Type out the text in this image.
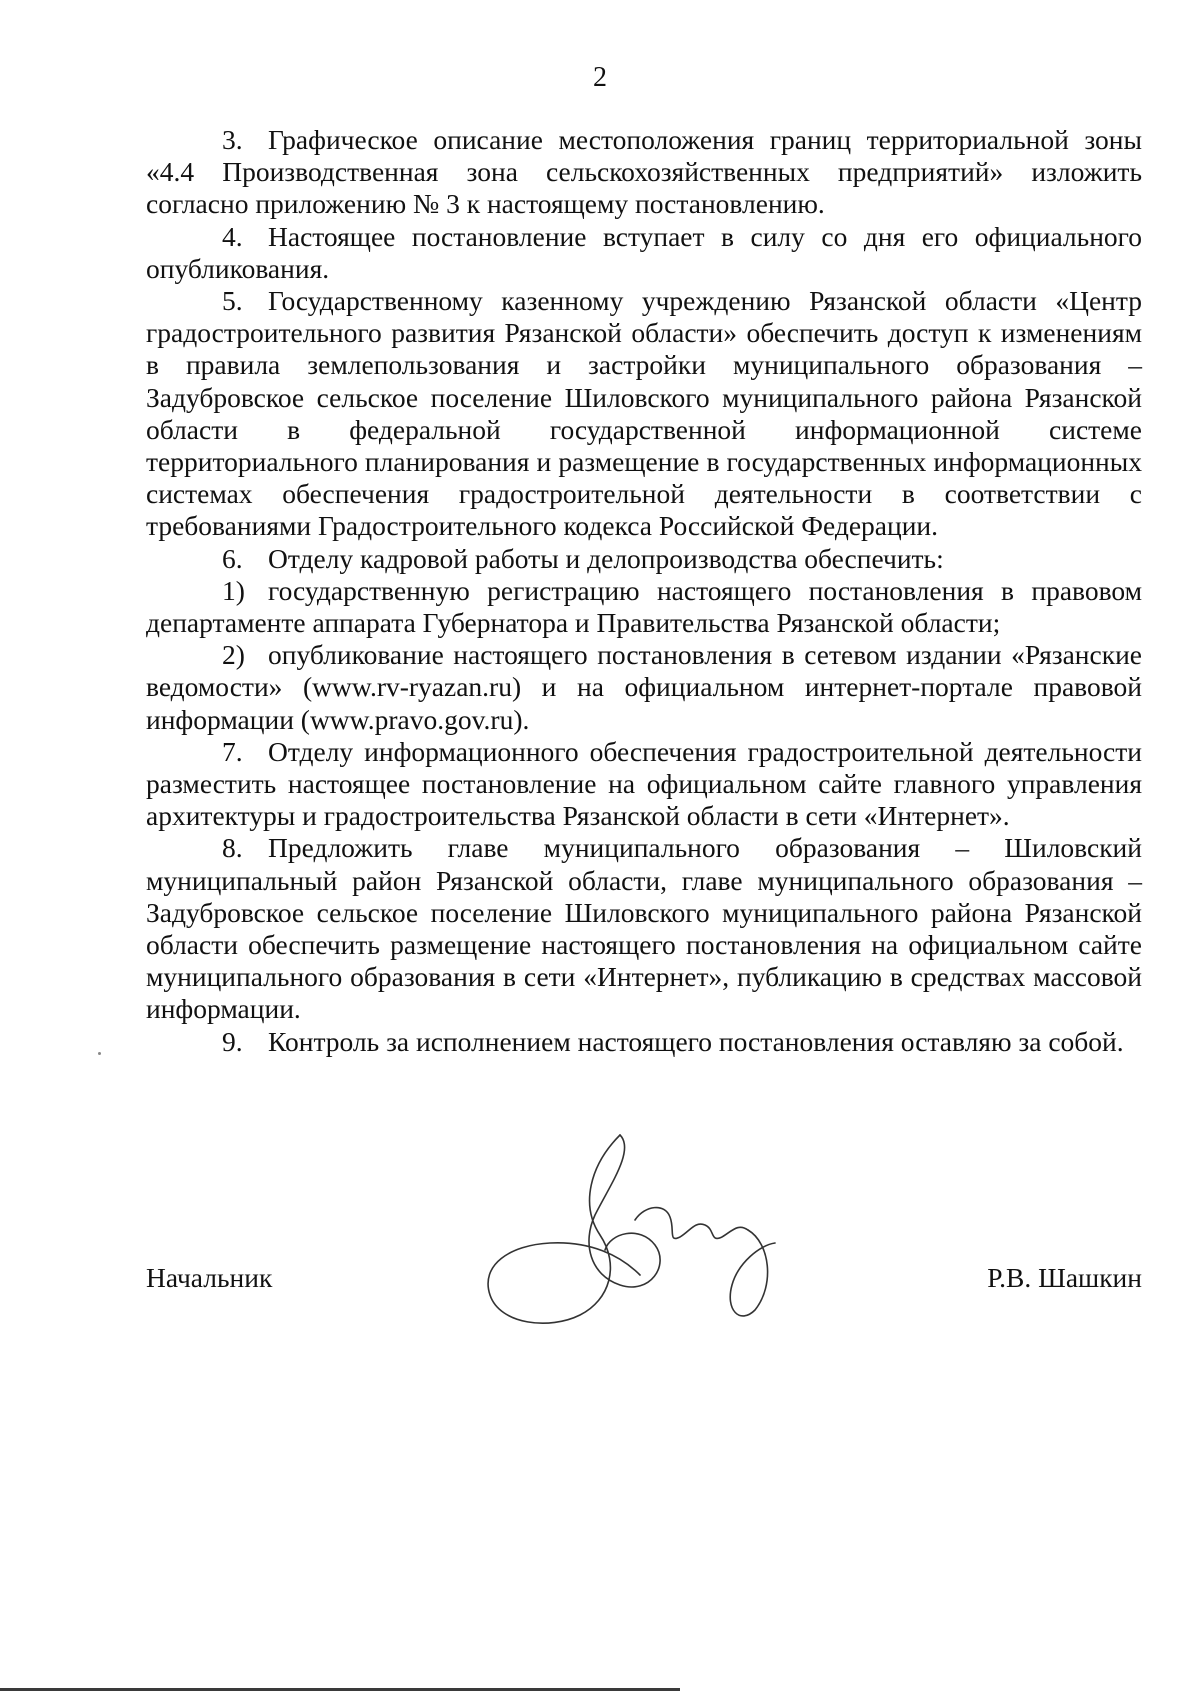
2

3. Графическое описание местоположения границ территориальной зоны «4.4 Производственная зона сельскохозяйственных предприятий» изложить согласно приложению № 3 к настоящему постановлению.

4. Настоящее постановление вступает в силу со дня его официального опубликования.

5. Государственному казенному учреждению Рязанской области «Центр градостроительного развития Рязанской области» обеспечить доступ к изменениям в правила землепользования и застройки муниципального образования – Задубровское сельское поселение Шиловского муниципального района Рязанской области в федеральной государственной информационной системе территориального планирования и размещение в государственных информационных системах обеспечения градостроительной деятельности в соответствии с требованиями Градостроительного кодекса Российской Федерации.

6. Отделу кадровой работы и делопроизводства обеспечить:

1) государственную регистрацию настоящего постановления в правовом департаменте аппарата Губернатора и Правительства Рязанской области;

2) опубликование настоящего постановления в сетевом издании «Рязанские ведомости» (www.rv-ryazan.ru) и на официальном интернет-портале правовой информации (www.pravo.gov.ru).

7. Отделу информационного обеспечения градостроительной деятельности разместить настоящее постановление на официальном сайте главного управления архитектуры и градостроительства Рязанской области в сети «Интернет».

8. Предложить главе муниципального образования – Шиловский муниципальный район Рязанской области, главе муниципального образования – Задубровское сельское поселение Шиловского муниципального района Рязанской области обеспечить размещение настоящего постановления на официальном сайте муниципального образования в сети «Интернет», публикацию в средствах массовой информации.

9. Контроль за исполнением настоящего постановления оставляю за собой.

Начальник	Р.В. Шашкин
